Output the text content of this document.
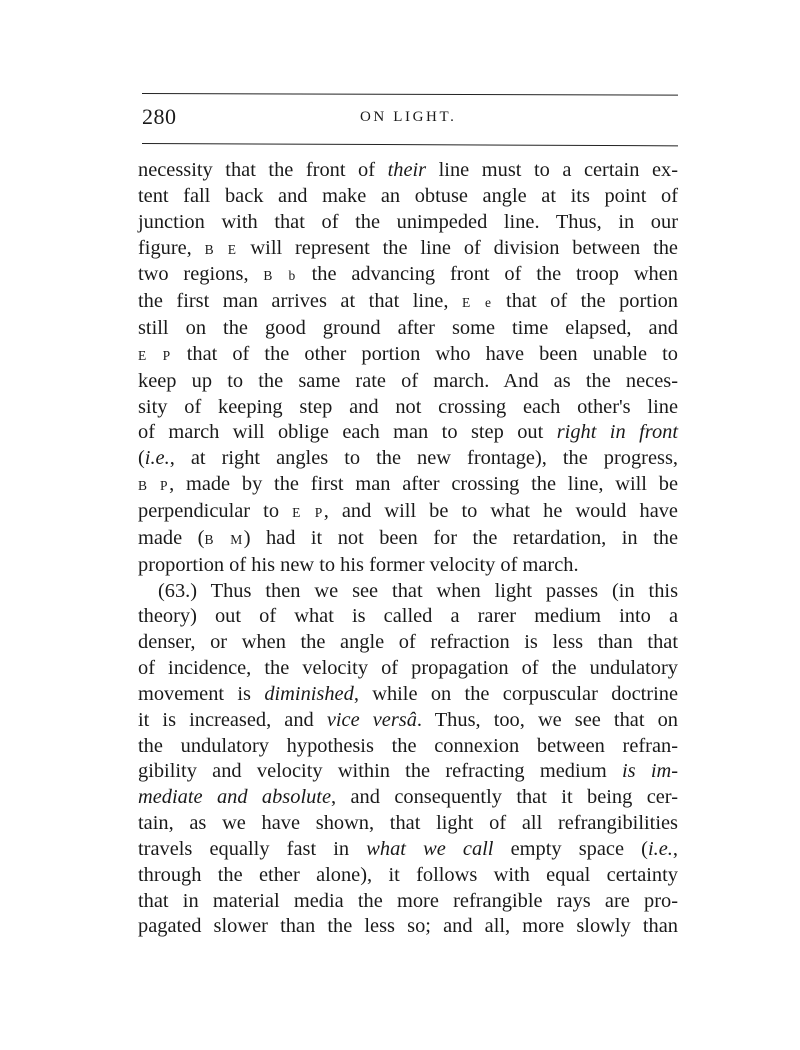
280	ON LIGHT.
necessity that the front of their line must to a certain ex-
tent fall back and make an obtuse angle at its point of
junction with that of the unimpeded line. Thus, in our
figure, B E will represent the line of division between the
two regions, B b the advancing front of the troop when
the first man arrives at that line, E e that of the portion
still on the good ground after some time elapsed, and
E P that of the other portion who have been unable to
keep up to the same rate of march. And as the neces-
sity of keeping step and not crossing each other's line
of march will oblige each man to step out right in front
(i.e., at right angles to the new frontage), the progress,
B P, made by the first man after crossing the line, will be
perpendicular to E P, and will be to what he would have
made (B M) had it not been for the retardation, in the
proportion of his new to his former velocity of march.
(63.) Thus then we see that when light passes (in this
theory) out of what is called a rarer medium into a
denser, or when the angle of refraction is less than that
of incidence, the velocity of propagation of the undulatory
movement is diminished, while on the corpuscular doctrine
it is increased, and vice versâ. Thus, too, we see that on
the undulatory hypothesis the connexion between refran-
gibility and velocity within the refracting medium is im-
mediate and absolute, and consequently that it being cer-
tain, as we have shown, that light of all refrangibilities
travels equally fast in what we call empty space (i.e.,
through the ether alone), it follows with equal certainty
that in material media the more refrangible rays are pro-
pagated slower than the less so; and all, more slowly than
